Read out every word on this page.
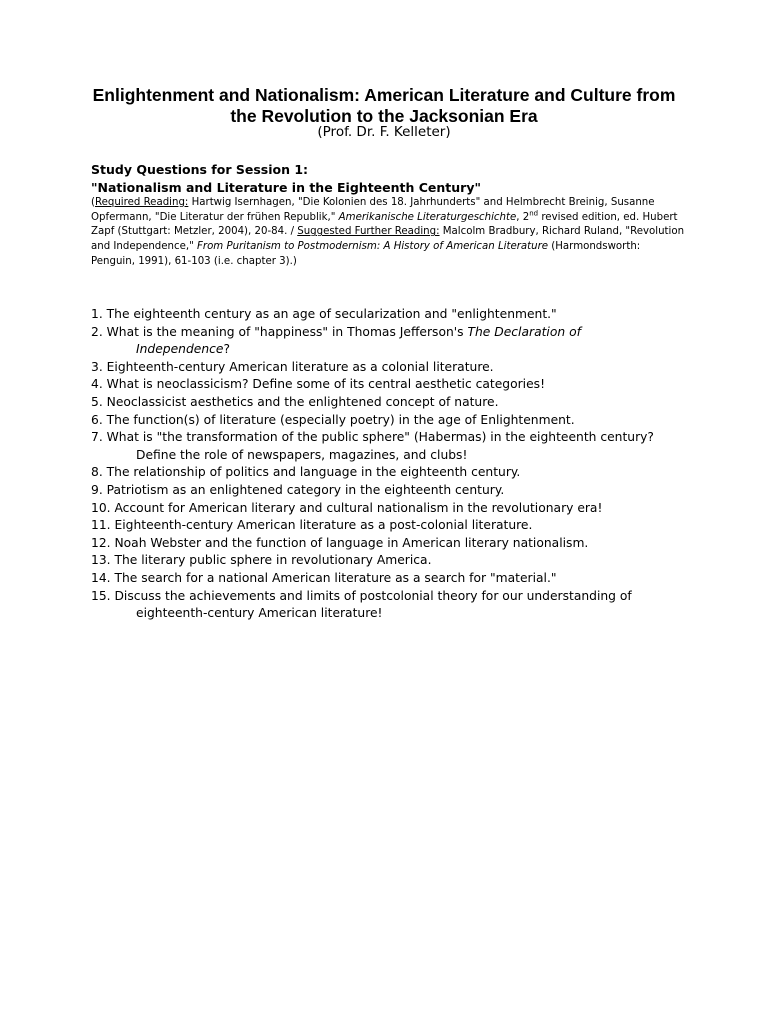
Enlightenment and Nationalism: American Literature and Culture from
the Revolution to the Jacksonian Era
(Prof. Dr. F. Kelleter)
Study Questions for Session 1:
"Nationalism and Literature in the Eighteenth Century"
(Required Reading: Hartwig Isernhagen, "Die Kolonien des 18. Jahrhunderts" and Helmbrecht Breinig, Susanne Opfermann, "Die Literatur der frühen Republik," Amerikanische Literaturgeschichte, 2nd revised edition, ed. Hubert Zapf (Stuttgart: Metzler, 2004), 20-84. / Suggested Further Reading: Malcolm Bradbury, Richard Ruland, "Revolution and Independence," From Puritanism to Postmodernism: A History of American Literature (Harmondsworth: Penguin, 1991), 61-103 (i.e. chapter 3).)
1. The eighteenth century as an age of secularization and "enlightenment."
2. What is the meaning of "happiness" in Thomas Jefferson's The Declaration of
Independence?
3. Eighteenth-century American literature as a colonial literature.
4. What is neoclassicism? Define some of its central aesthetic categories!
5. Neoclassicist aesthetics and the enlightened concept of nature.
6. The function(s) of literature (especially poetry) in the age of Enlightenment.
7. What is "the transformation of the public sphere" (Habermas) in the eighteenth century?
Define the role of newspapers, magazines, and clubs!
8. The relationship of politics and language in the eighteenth century.
9. Patriotism as an enlightened category in the eighteenth century.
10. Account for American literary and cultural nationalism in the revolutionary era!
11. Eighteenth-century American literature as a post-colonial literature.
12. Noah Webster and the function of language in American literary nationalism.
13. The literary public sphere in revolutionary America.
14. The search for a national American literature as a search for "material."
15. Discuss the achievements and limits of postcolonial theory for our understanding of
eighteenth-century American literature!
